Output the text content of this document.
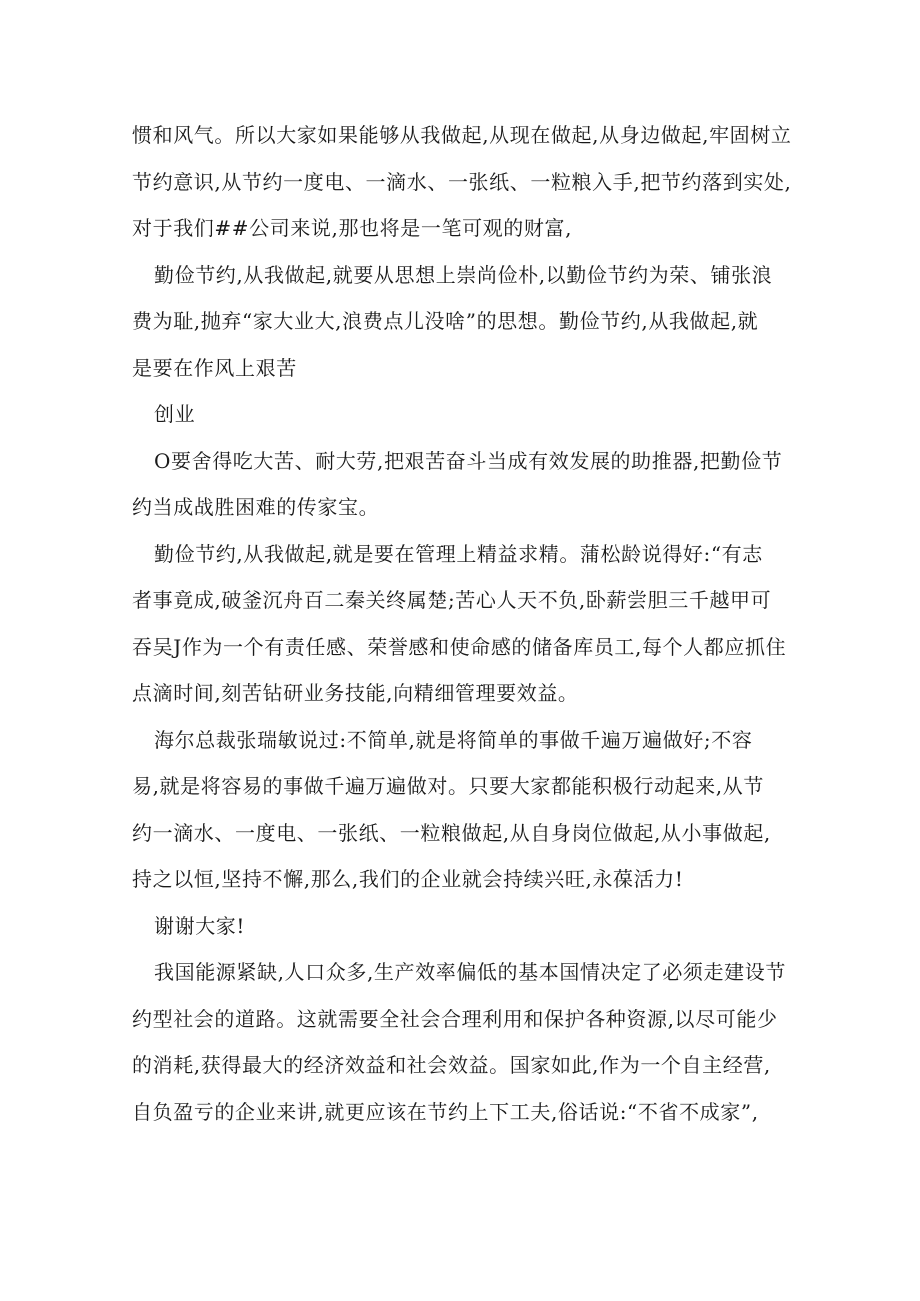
惯和风气。所以大家如果能够从我做起,从现在做起,从身边做起,牢固树立
节约意识,从节约一度电、一滴水、一张纸、一粒粮入手,把节约落到实处,
对于我们##公司来说,那也将是一笔可观的财富,
勤俭节约,从我做起,就要从思想上崇尚俭朴,以勤俭节约为荣、铺张浪
费为耻,抛弃“家大业大,浪费点儿没啥”的思想。勤俭节约,从我做起,就
是要在作风上艰苦
创业
O要舍得吃大苦、耐大劳,把艰苦奋斗当成有效发展的助推器,把勤俭节
约当成战胜困难的传家宝。
勤俭节约,从我做起,就是要在管理上精益求精。蒲松龄说得好:“有志
者事竟成,破釜沉舟百二秦关终属楚;苦心人天不负,卧薪尝胆三千越甲可
吞吴J作为一个有责任感、荣誉感和使命感的储备库员工,每个人都应抓住
点滴时间,刻苦钻研业务技能,向精细管理要效益。
海尔总裁张瑞敏说过:不简单,就是将简单的事做千遍万遍做好;不容
易,就是将容易的事做千遍万遍做对。只要大家都能积极行动起来,从节
约一滴水、一度电、一张纸、一粒粮做起,从自身岗位做起,从小事做起,
持之以恒,坚持不懈,那么,我们的企业就会持续兴旺,永葆活力!
谢谢大家!
我国能源紧缺,人口众多,生产效率偏低的基本国情决定了必须走建设节
约型社会的道路。这就需要全社会合理利用和保护各种资源,以尽可能少
的消耗,获得最大的经济效益和社会效益。国家如此,作为一个自主经营,
自负盈亏的企业来讲,就更应该在节约上下工夫,俗话说:“不省不成家”,
